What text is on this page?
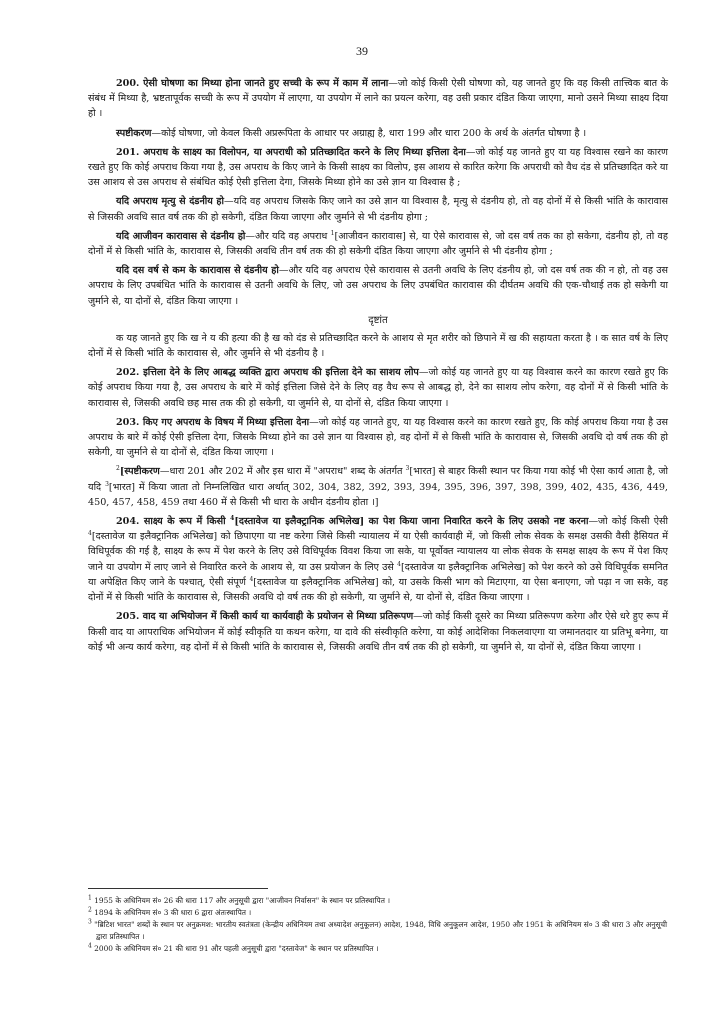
39

200. ऐसी घोषणा का मिथ्या होना जानते हुए सच्ची के रूप में काम में लाना—जो कोई किसी ऐसी घोषणा को, यह जानते हुए कि वह किसी तात्त्विक बात के संबंध में मिथ्या है, भ्रष्टतापूर्वक सच्ची के रूप में उपयोग में लाएगा, या उपयोग में लाने का प्रयत्न करेगा, वह उसी प्रकार दंडित किया जाएगा, मानो उसने मिथ्या साक्ष्य दिया हो ।

स्पष्टीकरण—कोई घोषणा, जो केवल किसी अप्ररूपिता के आधार पर अग्राह्य है, धारा 199 और धारा 200 के अर्थ के अंतर्गत घोषणा है ।

201. अपराध के साक्ष्य का विलोपन, या अपराधी को प्रतिच्छादित करने के लिए मिथ्या इत्तिला देना—जो कोई यह जानते हुए या यह विश्वास रखने का कारण रखते हुए कि कोई अपराध किया गया है, उस अपराध के किए जाने के किसी साक्ष्य का विलोप, इस आशय से कारित करेगा कि अपराधी को वैध दंड से प्रतिच्छादित करे या उस आशय से उस अपराध से संबंधित कोई ऐसी इत्तिला देगा, जिसके मिथ्या होने का उसे ज्ञान या विश्वास है ;

यदि अपराध मृत्यु से दंडनीय हो—यदि वह अपराध जिसके किए जाने का उसे ज्ञान या विश्वास है, मृत्यु से दंडनीय हो, तो वह दोनों में से किसी भांति के कारावास से जिसकी अवधि सात वर्ष तक की हो सकेगी, दंडित किया जाएगा और जुर्माने से भी दंडनीय होगा ;

यदि आजीवन कारावास से दंडनीय हो—और यदि वह अपराध $^1$[आजीवन कारावास] से, या ऐसे कारावास से, जो दस वर्ष तक का हो सकेगा, दंडनीय हो, तो वह दोनों में से किसी भांति के, कारावास से, जिसकी अवधि तीन वर्ष तक की हो सकेगी दंडित किया जाएगा और जुर्माने से भी दंडनीय होगा ;

यदि दस वर्ष से कम के कारावास से दंडनीय हो—और यदि वह अपराध ऐसे कारावास से उतनी अवधि के लिए दंडनीय हो, जो दस वर्ष तक की न हो, तो वह उस अपराध के लिए उपबंधित भांति के कारावास से उतनी अवधि के लिए, जो उस अपराध के लिए उपबंधित कारावास की दीर्घतम अवधि की एक-चौथाई तक हो सकेगी या जुर्माने से, या दोनों से, दंडित किया जाएगा ।

दृष्टांत

क यह जानते हुए कि ख ने य की हत्या की है ख को दंड से प्रतिच्छादित करने के आशय से मृत शरीर को छिपाने में ख की सहायता करता है । क सात वर्ष के लिए दोनों में से किसी भांति के कारावास से, और जुर्माने से भी दंडनीय है ।

202. इत्तिला देने के लिए आबद्ध व्यक्ति द्वारा अपराध की इत्तिला देने का साशय लोप—जो कोई यह जानते हुए या यह विश्वास करने का कारण रखते हुए कि कोई अपराध किया गया है, उस अपराध के बारे में कोई इत्तिला जिसे देने के लिए वह वैध रूप से आबद्ध हो, देने का साशय लोप करेगा, वह दोनों में से किसी भांति के कारावास से, जिसकी अवधि छह मास तक की हो सकेगी, या जुर्माने से, या दोनों से, दंडित किया जाएगा ।

203. किए गए अपराध के विषय में मिथ्या इत्तिला देना—जो कोई यह जानते हुए, या यह विश्वास करने का कारण रखते हुए, कि कोई अपराध किया गया है उस अपराध के बारे में कोई ऐसी इत्तिला देगा, जिसके मिथ्या होने का उसे ज्ञान या विश्वास हो, वह दोनों में से किसी भांति के कारावास से, जिसकी अवधि दो वर्ष तक की हो सकेगी, या जुर्माने से या दोनों से, दंडित किया जाएगा ।

$^2$[स्पष्टीकरण—धारा 201 और 202 में और इस धारा में "अपराध" शब्द के अंतर्गत $^3$[भारत] से बाहर किसी स्थान पर किया गया कोई भी ऐसा कार्य आता है, जो यदि $^3$[भारत] में किया जाता तो निम्नलिखित धारा अर्थात् 302, 304, 382, 392, 393, 394, 395, 396, 397, 398, 399, 402, 435, 436, 449, 450, 457, 458, 459 तथा 460 में से किसी भी धारा के अधीन दंडनीय होता ।]

204. साक्ष्य के रूप में किसी $^4$[दस्तावेज या इलैक्ट्रानिक अभिलेख] का पेश किया जाना निवारित करने के लिए उसको नष्ट करना—जो कोई किसी ऐसी $^4$[दस्तावेज या इलैक्ट्रानिक अभिलेख] को छिपाएगा या नष्ट करेगा जिसे किसी न्यायालय में या ऐसी कार्यवाही में, जो किसी लोक सेवक के समक्ष उसकी वैसी हैसियत में विधिपूर्वक की गई है, साक्ष्य के रूप में पेश करने के लिए उसे विधिपूर्वक विवश किया जा सके, या पूर्वोक्त न्यायालय या लोक सेवक के समक्ष साक्ष्य के रूप में पेश किए जाने या उपयोग में लाए जाने से निवारित करने के आशय से, या उस प्रयोजन के लिए उसे $^4$[दस्तावेज या इलैक्ट्रानिक अभिलेख] को पेश करने को उसे विधिपूर्वक समनित या अपेक्षित किए जाने के पश्चात्, ऐसी संपूर्ण $^4$[दस्तावेज या इलैक्ट्रानिक अभिलेख] को, या उसके किसी भाग को मिटाएगा, या ऐसा बनाएगा, जो पढ़ा न जा सके, वह दोनों में से किसी भांति के कारावास से, जिसकी अवधि दो वर्ष तक की हो सकेगी, या जुर्माने से, या दोनों से, दंडित किया जाएगा ।

205. वाद या अभियोजन में किसी कार्य या कार्यवाही के प्रयोजन से मिथ्या प्रतिरूपण—जो कोई किसी दूसरे का मिथ्या प्रतिरूपण करेगा और ऐसे धरे हुए रूप में किसी वाद या आपराधिक अभियोजन में कोई स्वीकृति या कथन करेगा, या दावे की संस्वीकृति करेगा, या कोई आदेशिका निकलवाएगा या जमानतदार या प्रतिभू बनेगा, या कोई भी अन्य कार्य करेगा, वह दोनों में से किसी भांति के कारावास से, जिसकी अवधि तीन वर्ष तक की हो सकेगी, या जुर्माने से, या दोनों से, दंडित किया जाएगा ।

$^1$ 1955 के अधिनियम सं० 26 की धारा 117 और अनुसूची द्वारा "आजीवन निर्वासन" के स्थान पर प्रतिस्थापित ।

$^2$ 1894 के अधिनियम सं० 3 की धारा 6 द्वारा अंतःस्थापित ।

$^3$ "ब्रिटिश भारत" शब्दों के स्थान पर अनुक्रमश: भारतीय स्वतंत्रता (केन्द्रीय अधिनियम तथा अध्यादेश अनुकूलन) आदेश, 1948, विधि अनुकूलन आदेश, 1950 और 1951 के अधिनियम सं० 3 की धारा 3 और अनुसूची द्वारा प्रतिस्थापित ।

$^4$ 2000 के अधिनियम सं० 21 की धारा 91 और पहली अनुसूची द्वारा "दस्तावेज" के स्थान पर प्रतिस्थापित ।
